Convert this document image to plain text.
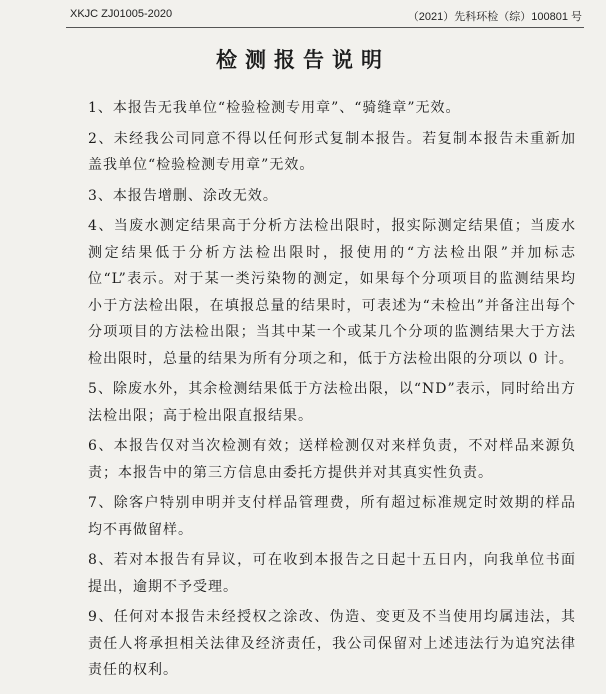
XKJC ZJ01005-2020	（2021）先科环检（综）100801 号
检测报告说明

1、本报告无我单位“检验检测专用章”、“骑缝章”无效。

2、未经我公司同意不得以任何形式复制本报告。若复制本报告未重新加盖我单位“检验检测专用章”无效。

3、本报告增删、涂改无效。

4、当废水测定结果高于分析方法检出限时，报实际测定结果值；当废水测定结果低于分析方法检出限时，报使用的“方法检出限”并加标志位“L”表示。对于某一类污染物的测定，如果每个分项项目的监测结果均小于方法检出限，在填报总量的结果时，可表述为“未检出”并备注出每个分项项目的方法检出限；当其中某一个或某几个分项的监测结果大于方法检出限时，总量的结果为所有分项之和，低于方法检出限的分项以 0 计。

5、除废水外，其余检测结果低于方法检出限，以“ND”表示，同时给出方法检出限；高于检出限直报结果。

6、本报告仅对当次检测有效；送样检测仅对来样负责，不对样品来源负责；本报告中的第三方信息由委托方提供并对其真实性负责。

7、除客户特别申明并支付样品管理费，所有超过标准规定时效期的样品均不再做留样。

8、若对本报告有异议，可在收到本报告之日起十五日内，向我单位书面提出，逾期不予受理。

9、任何对本报告未经授权之涂改、伪造、变更及不当使用均属违法，其责任人将承担相关法律及经济责任，我公司保留对上述违法行为追究法律责任的权利。
